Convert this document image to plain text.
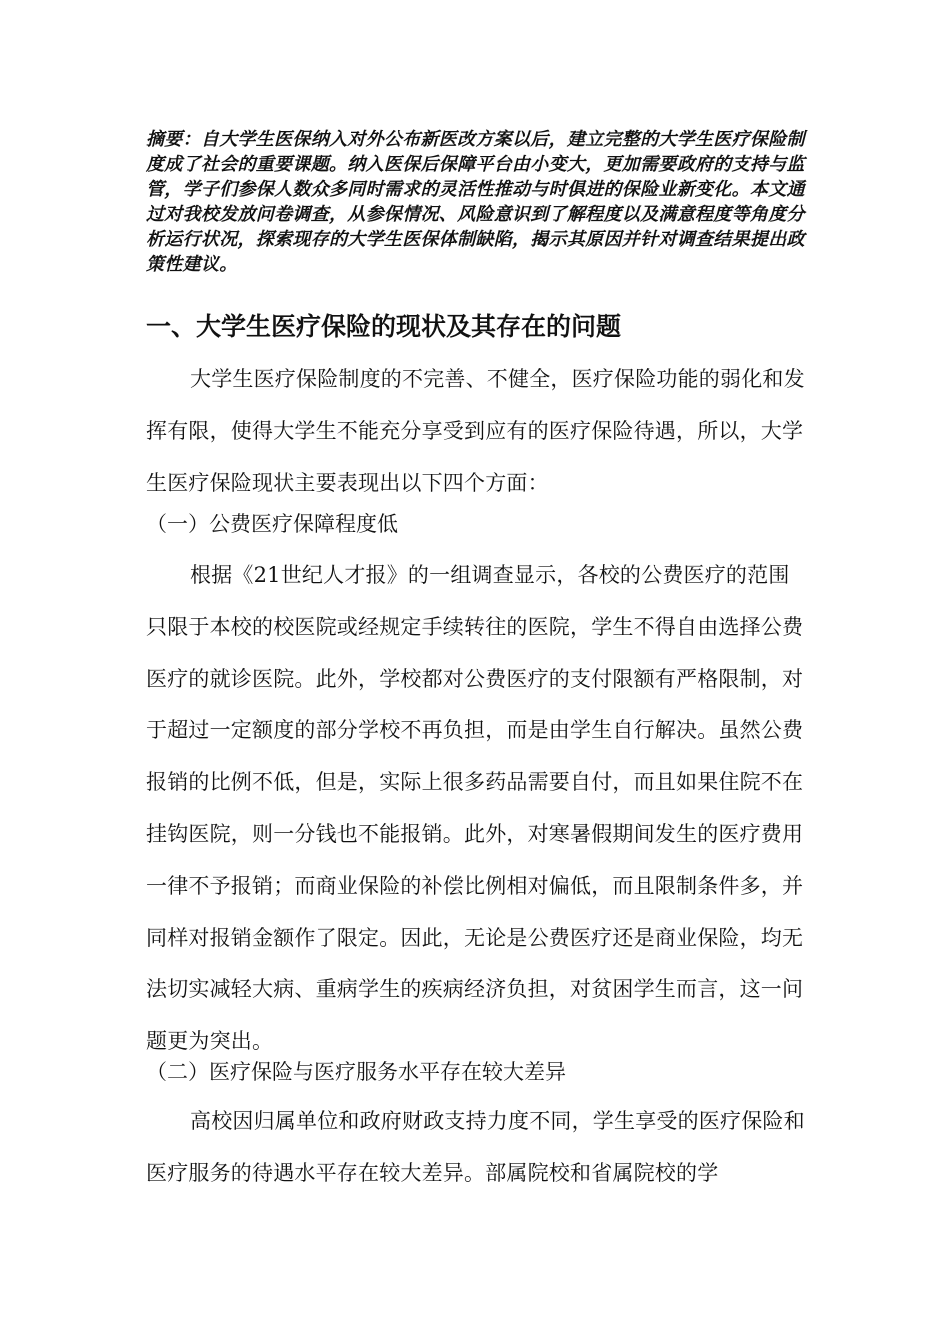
摘要：自大学生医保纳入对外公布新医改方案以后，建立完整的大学生医疗保险制度成了社会的重要课题。纳入医保后保障平台由小变大，更加需要政府的支持与监管，学子们参保人数众多同时需求的灵活性推动与时俱进的保险业新变化。本文通过对我校发放问卷调查，从参保情况、风险意识到了解程度以及满意程度等角度分析运行状况，探索现存的大学生医保体制缺陷，揭示其原因并针对调查结果提出政策性建议。
一、大学生医疗保险的现状及其存在的问题
大学生医疗保险制度的不完善、不健全，医疗保险功能的弱化和发挥有限，使得大学生不能充分享受到应有的医疗保险待遇，所以，大学生医疗保险现状主要表现出以下四个方面：
（一）公费医疗保障程度低
根据《21世纪人才报》的一组调查显示，各校的公费医疗的范围只限于本校的校医院或经规定手续转往的医院，学生不得自由选择公费医疗的就诊医院。此外，学校都对公费医疗的支付限额有严格限制，对于超过一定额度的部分学校不再负担，而是由学生自行解决。虽然公费报销的比例不低，但是，实际上很多药品需要自付，而且如果住院不在挂钩医院，则一分钱也不能报销。此外，对寒暑假期间发生的医疗费用一律不予报销；而商业保险的补偿比例相对偏低，而且限制条件多，并同样对报销金额作了限定。因此，无论是公费医疗还是商业保险，均无法切实减轻大病、重病学生的疾病经济负担，对贫困学生而言，这一问题更为突出。
（二）医疗保险与医疗服务水平存在较大差异
高校因归属单位和政府财政支持力度不同，学生享受的医疗保险和医疗服务的待遇水平存在较大差异。部属院校和省属院校的学
